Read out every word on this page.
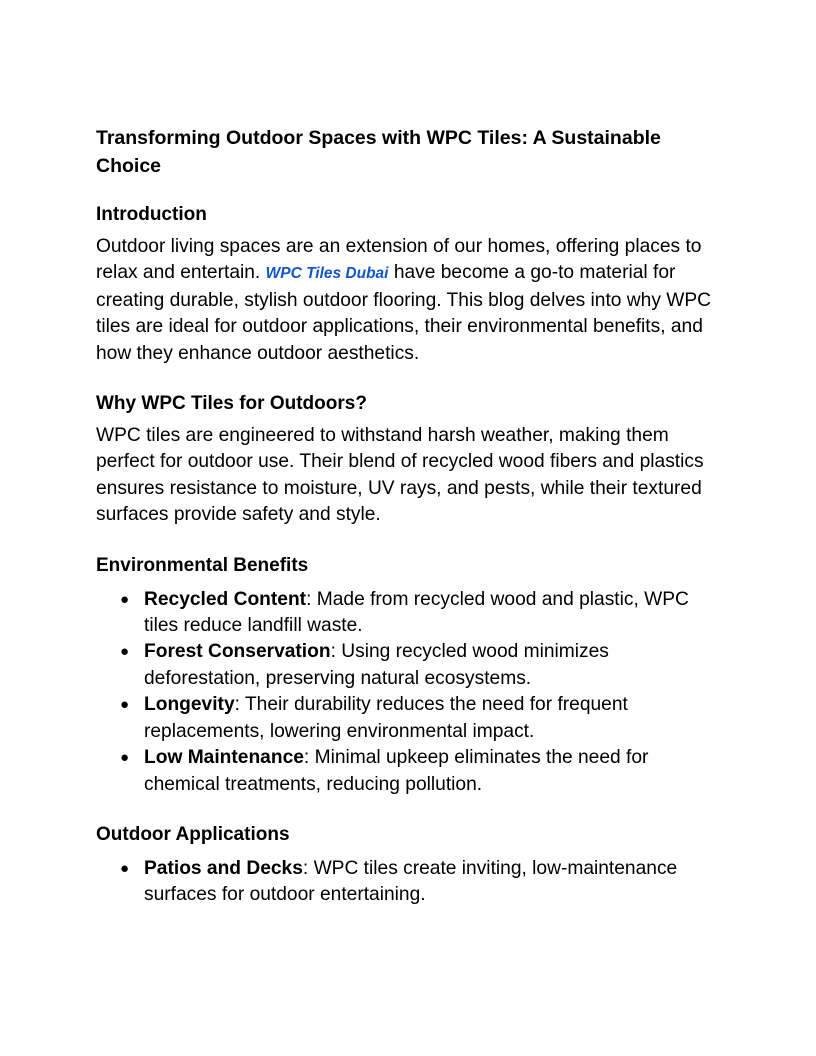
Transforming Outdoor Spaces with WPC Tiles: A Sustainable Choice
Introduction

Outdoor living spaces are an extension of our homes, offering places to relax and entertain. WPC Tiles Dubai have become a go-to material for creating durable, stylish outdoor flooring. This blog delves into why WPC tiles are ideal for outdoor applications, their environmental benefits, and how they enhance outdoor aesthetics.

Why WPC Tiles for Outdoors?

WPC tiles are engineered to withstand harsh weather, making them perfect for outdoor use. Their blend of recycled wood fibers and plastics ensures resistance to moisture, UV rays, and pests, while their textured surfaces provide safety and style.

Environmental Benefits
● Recycled Content: Made from recycled wood and plastic, WPC tiles reduce landfill waste.
● Forest Conservation: Using recycled wood minimizes deforestation, preserving natural ecosystems.
● Longevity: Their durability reduces the need for frequent replacements, lowering environmental impact.
● Low Maintenance: Minimal upkeep eliminates the need for chemical treatments, reducing pollution.
Outdoor Applications
● Patios and Decks: WPC tiles create inviting, low-maintenance surfaces for outdoor entertaining.
